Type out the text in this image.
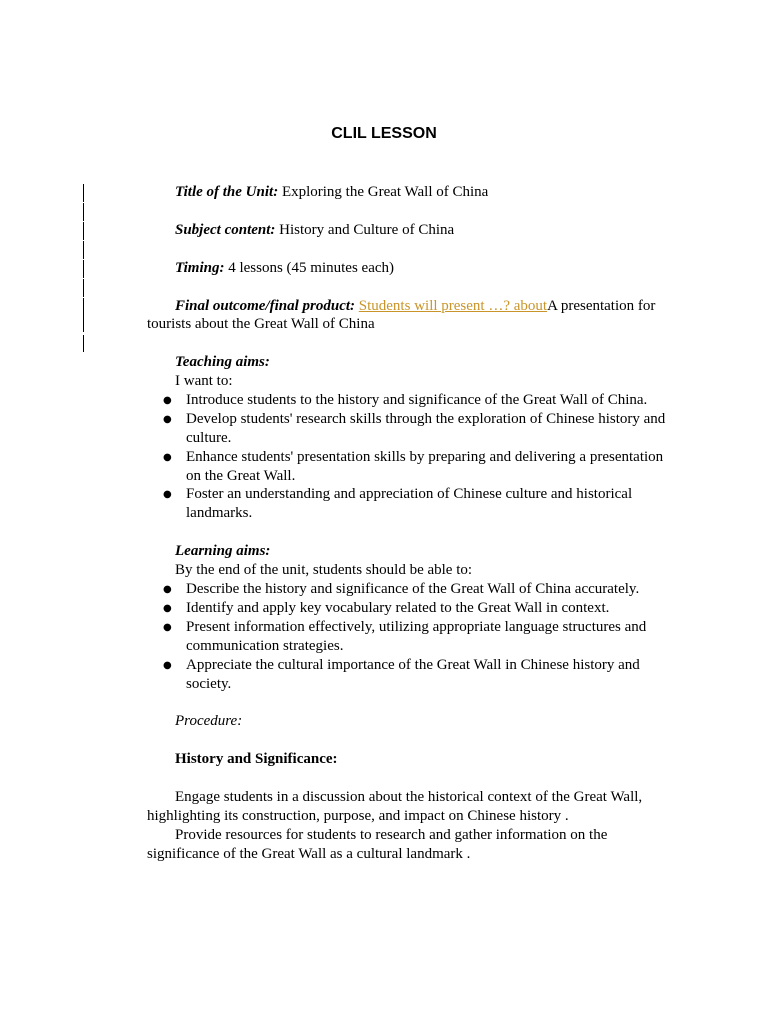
CLIL LESSON
Title of the Unit: Exploring the Great Wall of China
Subject content: History and Culture of China
Timing: 4 lessons (45 minutes each)
Final outcome/final product: Students will present …? aboutA presentation for
tourists about the Great Wall of China
Teaching aims:
I want to:
● Introduce students to the history and significance of the Great Wall of China.
● Develop students' research skills through the exploration of Chinese history and culture.
● Enhance students' presentation skills by preparing and delivering a presentation on the Great Wall.
● Foster an understanding and appreciation of Chinese culture and historical landmarks.
Learning aims:
By the end of the unit, students should be able to:
● Describe the history and significance of the Great Wall of China accurately.
● Identify and apply key vocabulary related to the Great Wall in context.
● Present information effectively, utilizing appropriate language structures and communication strategies.
● Appreciate the cultural importance of the Great Wall in Chinese history and society.
Procedure:
History and Significance:
Engage students in a discussion about the historical context of the Great Wall,
highlighting its construction, purpose, and impact on Chinese history .
Provide resources for students to research and gather information on the
significance of the Great Wall as a cultural landmark .
